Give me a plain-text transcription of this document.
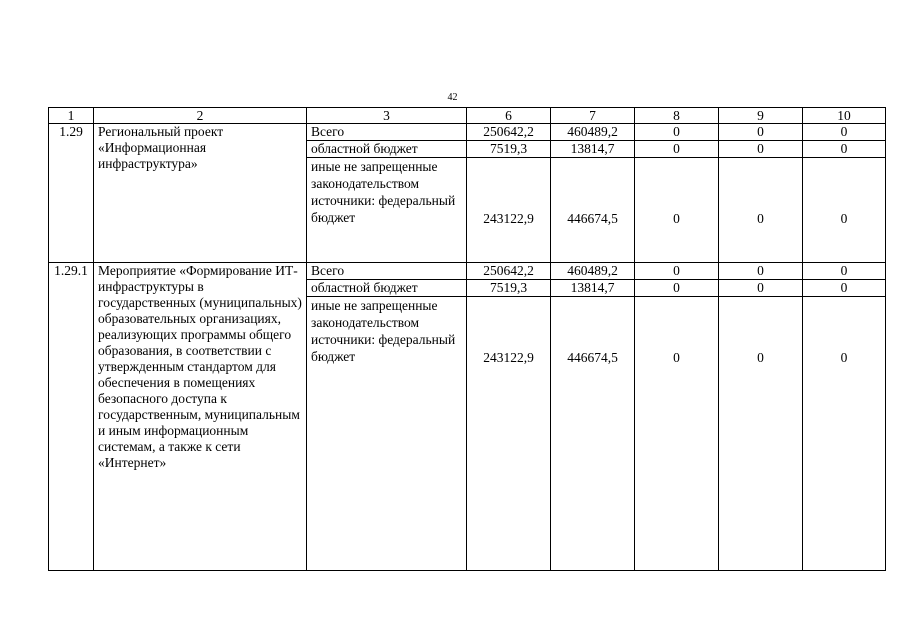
42
1	2	3	6	7	8	9	10
1.29	Региональный проект «Информационная инфраструктура»	Всего	250642,2	460489,2	0	0	0
		областной бюджет	7519,3	13814,7	0	0	0
		иные не запрещенные законодательством источники: федеральный бюджет	243122,9	446674,5	0	0	0
1.29.1	Мероприятие «Формирование ИТ-инфраструктуры в государственных (муниципальных) образовательных организациях, реализующих программы общего образования, в соответствии с утвержденным стандартом для обеспечения в помещениях безопасного доступа к государственным, муниципальным и иным информационным системам, а также к сети «Интернет»	Всего	250642,2	460489,2	0	0	0
		областной бюджет	7519,3	13814,7	0	0	0
		иные не запрещенные законодательством источники: федеральный бюджет	243122,9	446674,5	0	0	0
